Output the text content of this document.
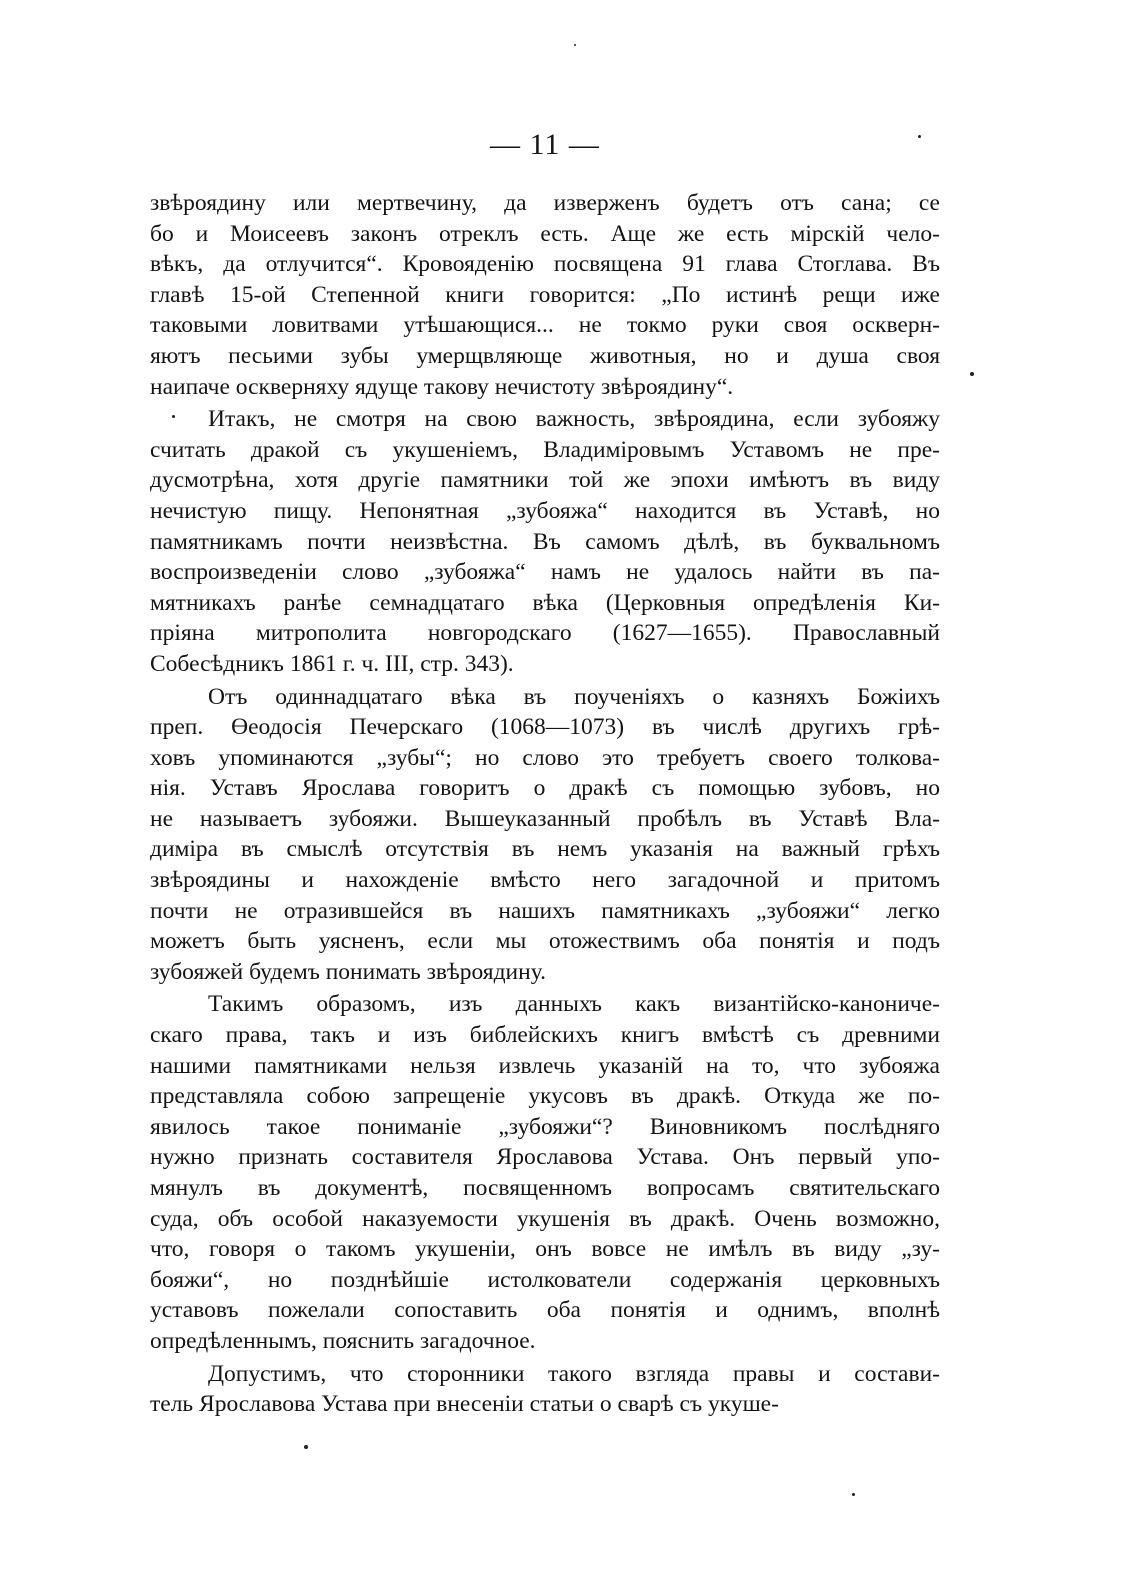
— 11 —

звѣроядину или мертвечину, да изверженъ будетъ отъ сана; се
бо и Моисеевъ законъ отреклъ есть. Аще же есть мірскій чело-
вѣкъ, да отлучится“. Кровояденію посвящена 91 глава Стоглава. Въ
главѣ 15-ой Степенной книги говорится: „По истинѣ рещи иже
таковыми ловитвами утѣшающися... не токмо руки своя оскверн-
яютъ песьими зубы умерщвляюще животныя, но и душа своя
наипаче оскверняху ядуще такову нечистоту звѣроядину“.

Итакъ, не смотря на свою важность, звѣроядина, если зубояжу
считать дракой съ укушеніемъ, Владиміровымъ Уставомъ не пре-
дусмотрѣна, хотя другіе памятники той же эпохи имѣютъ въ виду
нечистую пищу. Непонятная „зубояжа“ находится въ Уставѣ, но
памятникамъ почти неизвѣстна. Въ самомъ дѣлѣ, въ буквальномъ
воспроизведеніи слово „зубояжа“ намъ не удалось найти въ па-
мятникахъ ранѣе семнадцатаго вѣка (Церковныя опредѣленія Ки-
пріяна митрополита новгородскаго (1627—1655). Православный
Собесѣдникъ 1861 г. ч. III, стр. 343).

Отъ одиннадцатаго вѣка въ поученіяхъ о казняхъ Божіихъ
преп. Өеодосія Печерскаго (1068—1073) въ числѣ другихъ грѣ-
ховъ упоминаются „зубы“; но слово это требуетъ своего толкова-
нія. Уставъ Ярослава говоритъ о дракѣ съ помощью зубовъ, но
не называетъ зубояжи. Вышеуказанный пробѣлъ въ Уставѣ Вла-
диміра въ смыслѣ отсутствія въ немъ указанія на важный грѣхъ
звѣроядины и нахожденіе вмѣсто него загадочной и притомъ
почти не отразившейся въ нашихъ памятникахъ „зубояжи“ легко
можетъ быть уясненъ, если мы отожествимъ оба понятія и подъ
зубояжей будемъ понимать звѣроядину.

Такимъ образомъ, изъ данныхъ какъ византійско-канониче-
скаго права, такъ и изъ библейскихъ книгъ вмѣстѣ съ древними
нашими памятниками нельзя извлечь указаній на то, что зубояжа
представляла собою запрещеніе укусовъ въ дракѣ. Откуда же по-
явилось такое пониманіе „зубояжи“? Виновникомъ послѣдняго
нужно признать составителя Ярославова Устава. Онъ первый упо-
мянулъ въ документѣ, посвященномъ вопросамъ святительскаго
суда, объ особой наказуемости укушенія въ дракѣ. Очень возможно,
что, говоря о такомъ укушеніи, онъ вовсе не имѣлъ въ виду „зу-
бояжи“, но позднѣйшіе истолкователи содержанія церковныхъ
уставовъ пожелали сопоставить оба понятія и однимъ, вполнѣ
опредѣленнымъ, пояснить загадочное.

Допустимъ, что сторонники такого взгляда правы и состави-
тель Ярославова Устава при внесеніи статьи о сварѣ съ укуше-
